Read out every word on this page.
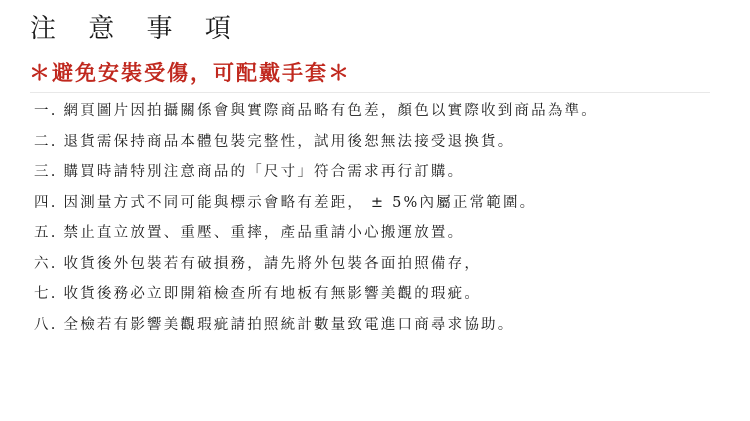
注 意 事 項
＊避免安裝受傷，可配戴手套＊
一. 網頁圖片因拍攝關係會與實際商品略有色差，顏色以實際收到商品為準。
二. 退貨需保持商品本體包裝完整性，試用後恕無法接受退換貨。
三. 購買時請特別注意商品的「尺寸」符合需求再行訂購。
四. 因測量方式不同可能與標示會略有差距， ± 5%內屬正常範圍。
五. 禁止直立放置、重壓、重摔，產品重請小心搬運放置。
六. 收貨後外包裝若有破損務，請先將外包裝各面拍照備存，
七. 收貨後務必立即開箱檢查所有地板有無影響美觀的瑕疵。
八. 全檢若有影響美觀瑕疵請拍照統計數量致電進口商尋求協助。
